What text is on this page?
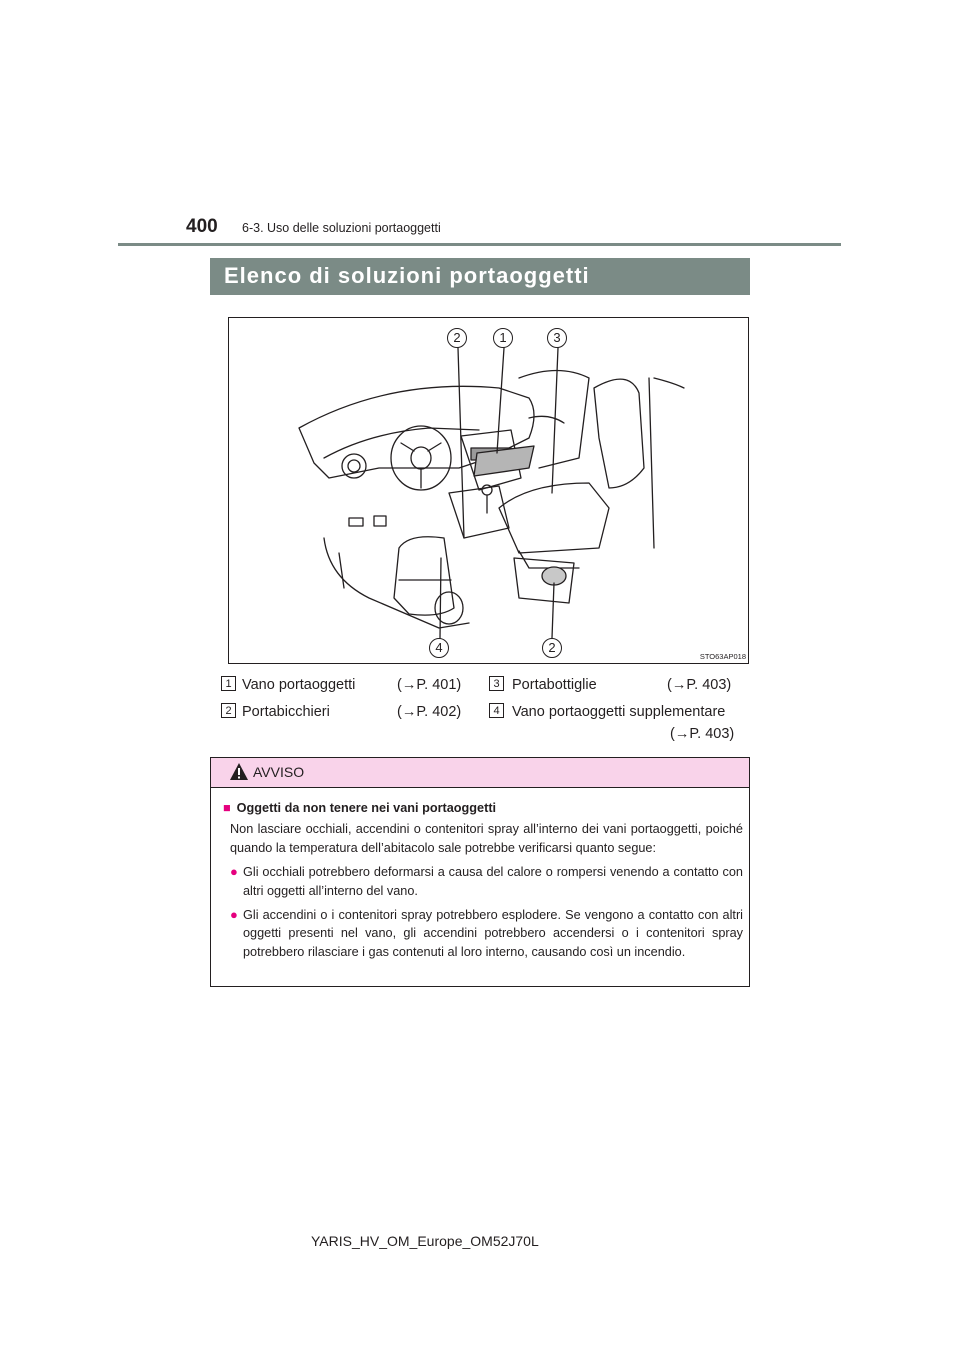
400 6-3. Uso delle soluzioni portaoggetti
Elenco di soluzioni portaoggetti
2	1	3
4	2
STO63AP018
1 Vano portaoggetti	(→P. 401)
2 Portabicchieri	(→P. 402)
3 Portabottiglie	(→P. 403)
4 Vano portaoggetti supplementare
(→P. 403)
AVVISO
■ Oggetti da non tenere nei vani portaoggetti
Non lasciare occhiali, accendini o contenitori spray all’interno dei vani portaoggetti, poiché quando la temperatura dell’abitacolo sale potrebbe verificarsi quanto segue:
● Gli occhiali potrebbero deformarsi a causa del calore o rompersi venendo a contatto con altri oggetti all’interno del vano.
● Gli accendini o i contenitori spray potrebbero esplodere. Se vengono a contatto con altri oggetti presenti nel vano, gli accendini potrebbero accendersi o i contenitori spray potrebbero rilasciare i gas contenuti al loro interno, causando così un incendio.
YARIS_HV_OM_Europe_OM52J70L
